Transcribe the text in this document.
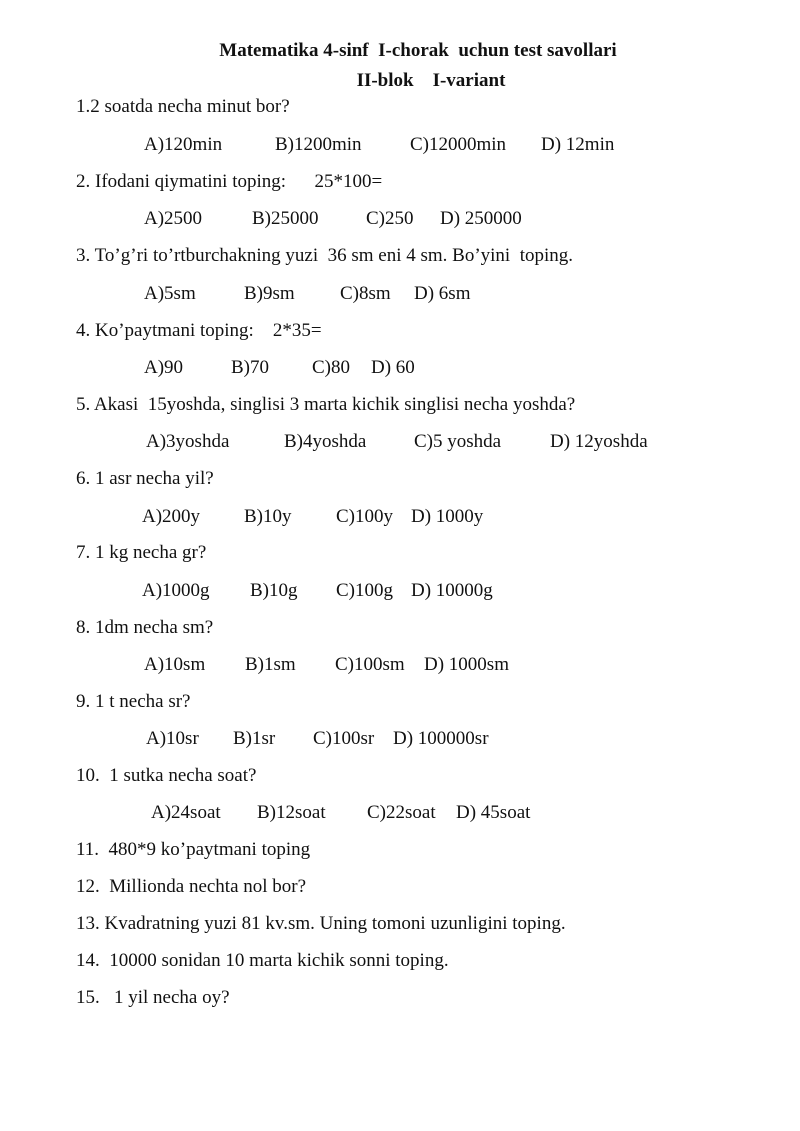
Matematika 4-sinf  I-chorak  uchun test savollari
II-blok    I-variant
1.2 soatda necha minut bor?
A)120min	B)1200min	C)12000min D) 12min
2. Ifodani qiymatini toping:      25*100=
A)2500	B)25000	C)250 D) 250000
3. To’g’ri to’rtburchakning yuzi  36 sm eni 4 sm. Bo’yini  toping.
A)5sm	B)9sm C)8sm D) 6sm
4. Ko’paytmani toping:    2*35=
A)90	B)70 C)80 D) 60
5. Akasi  15yoshda, singlisi 3 marta kichik singlisi necha yoshda?
A)3yoshda	B)4yoshda	C)5 yoshda	D) 12yoshda
6. 1 asr necha yil?
A)200y B)10y C)100y D) 1000y
7. 1 kg necha gr?
A)1000g B)10g C)100g D) 10000g
8. 1dm necha sm?
A)10sm B)1sm C)100sm D) 1000sm
9. 1 t necha sr?
A)10sr B)1sr C)100sr D) 100000sr
10.  1 sutka necha soat?
A)24soat B)12soat C)22soat D) 45soat
11.  480*9 ko’paytmani toping
12.  Millionda nechta nol bor?
13. Kvadratning yuzi 81 kv.sm. Uning tomoni uzunligini toping.
14.  10000 sonidan 10 marta kichik sonni toping.
15.   1 yil necha oy?
